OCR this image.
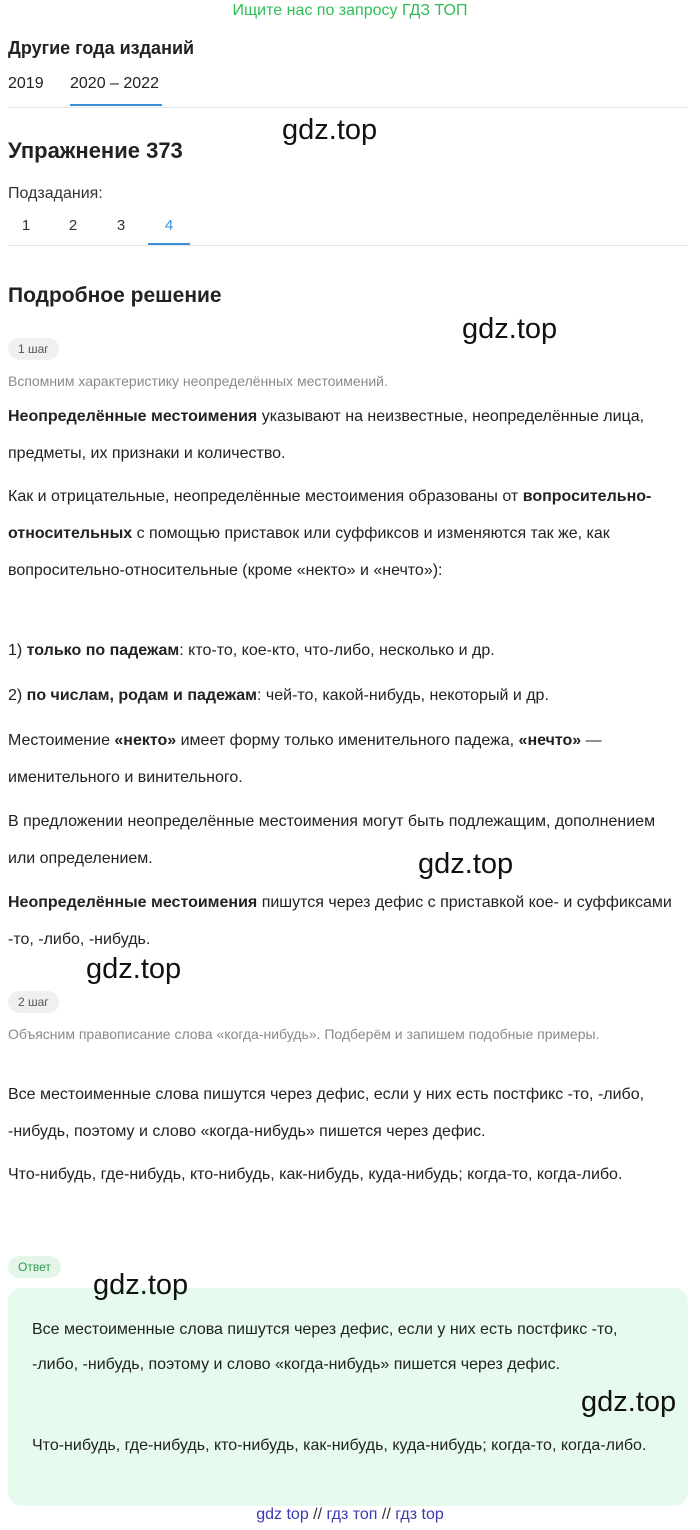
Ищите нас по запросу ГДЗ ТОП
Другие года изданий
2019 2020 – 2022
Упражнение 373
gdz.top
Подзадания:
1	2	3	4
Подробное решение
gdz.top
1 шаг
Вспомним характеристику неопределённых местоимений.
Неопределённые местоимения указывают на неизвестные, неопределённые лица, предметы, их признаки и количество.
Как и отрицательные, неопределённые местоимения образованы от вопросительно-относительных с помощью приставок или суффиксов и изменяются так же, как вопросительно-относительные (кроме «некто» и «нечто»):
1) только по падежам: кто-то, кое-кто, что-либо, несколько и др.
2) по числам, родам и падежам: чей-то, какой-нибудь, некоторый и др.
Местоимение «некто» имеет форму только именительного падежа, «нечто» — именительного и винительного.
В предложении неопределённые местоимения могут быть подлежащим, дополнением или определением.	gdz.top
Неопределённые местоимения пишутся через дефис с приставкой кое- и суффиксами -то, -либо, -нибудь.
gdz.top
2 шаг
Объясним правописание слова «когда-нибудь». Подберём и запишем подобные примеры.
Все местоименные слова пишутся через дефис, если у них есть постфикс -то, -либо, -нибудь, поэтому и слово «когда-нибудь» пишется через дефис.
Что-нибудь, где-нибудь, кто-нибудь, как-нибудь, куда-нибудь; когда-то, когда-либо.
Ответ
gdz.top
Все местоименные слова пишутся через дефис, если у них есть постфикс -то, -либо, -нибудь, поэтому и слово «когда-нибудь» пишется через дефис.
gdz.top
Что-нибудь, где-нибудь, кто-нибудь, как-нибудь, куда-нибудь; когда-то, когда-либо.
gdz top // гдз топ // гдз top
